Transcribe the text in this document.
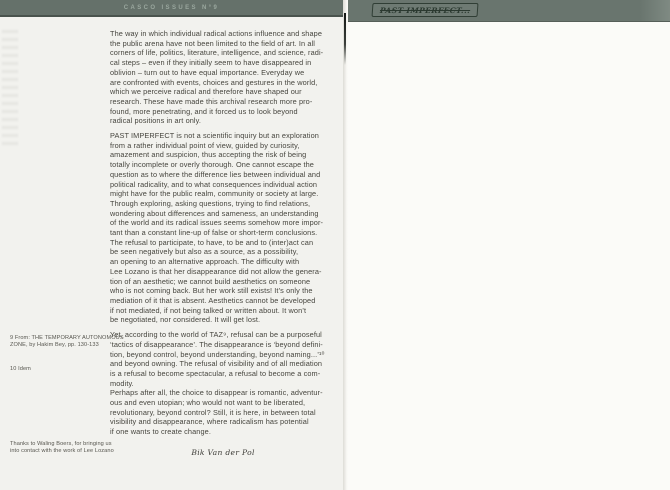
CASCO ISSUES N°9	PAST IMPERFECT...
The way in which individual radical actions influence and shape
the public arena have not been limited to the field of art. In all
corners of life, politics, literature, intelligence, and science, radi-
cal steps – even if they initially seem to have disappeared in
oblivion – turn out to have equal importance. Everyday we
are confronted with events, choices and gestures in the world,
which we perceive radical and therefore have shaped our
research. These have made this archival research more pro-
found, more penetrating, and it forced us to look beyond
radical positions in art only.
PAST IMPERFECT is not a scientific inquiry but an exploration
from a rather individual point of view, guided by curiosity,
amazement and suspicion, thus accepting the risk of being
totally incomplete or overly thorough. One cannot escape the
question as to where the difference lies between individual and
political radicality, and to what consequences individual action
might have for the public realm, community or society at large.
Through exploring, asking questions, trying to find relations,
wondering about differences and sameness, an understanding
of the world and its radical issues seems somehow more impor-
tant than a constant line-up of false or short-term conclusions.
The refusal to participate, to have, to be and to (inter)act can
be seen negatively but also as a source, as a possibility,
an opening to an alternative approach. The difficulty with
Lee Lozano is that her disappearance did not allow the genera-
tion of an aesthetic; we cannot build aesthetics on someone
who is not coming back. But her work still exists! It’s only the
mediation of it that is absent. Aesthetics cannot be developed
if not mediated, if not being talked or written about. It won’t
be negotiated, nor considered. It will get lost.
Yet, according to the world of TAZ⁹, refusal can be a purposeful
‘tactics of disappearance’. The disappearance is ‘beyond defini-
tion, beyond control, beyond understanding, beyond naming...’¹⁰
and beyond owning. The refusal of visibility and of all mediation
is a refusal to become spectacular, a refusal to become a com-
modity.
Perhaps after all, the choice to disappear is romantic, adventur-
ous and even utopian; who would not want to be liberated,
revolutionary, beyond control? Still, it is here, in between total
visibility and disappearance, where radicalism has potential
if one wants to create change.
Bik Van der Pol
9 From: THE TEMPORARY AUTONOMOUS
ZONE, by Hakim Bey, pp. 130-133
10 Idem
Thanks to Waling Boers, for bringing us
into contact with the work of Lee Lozano
